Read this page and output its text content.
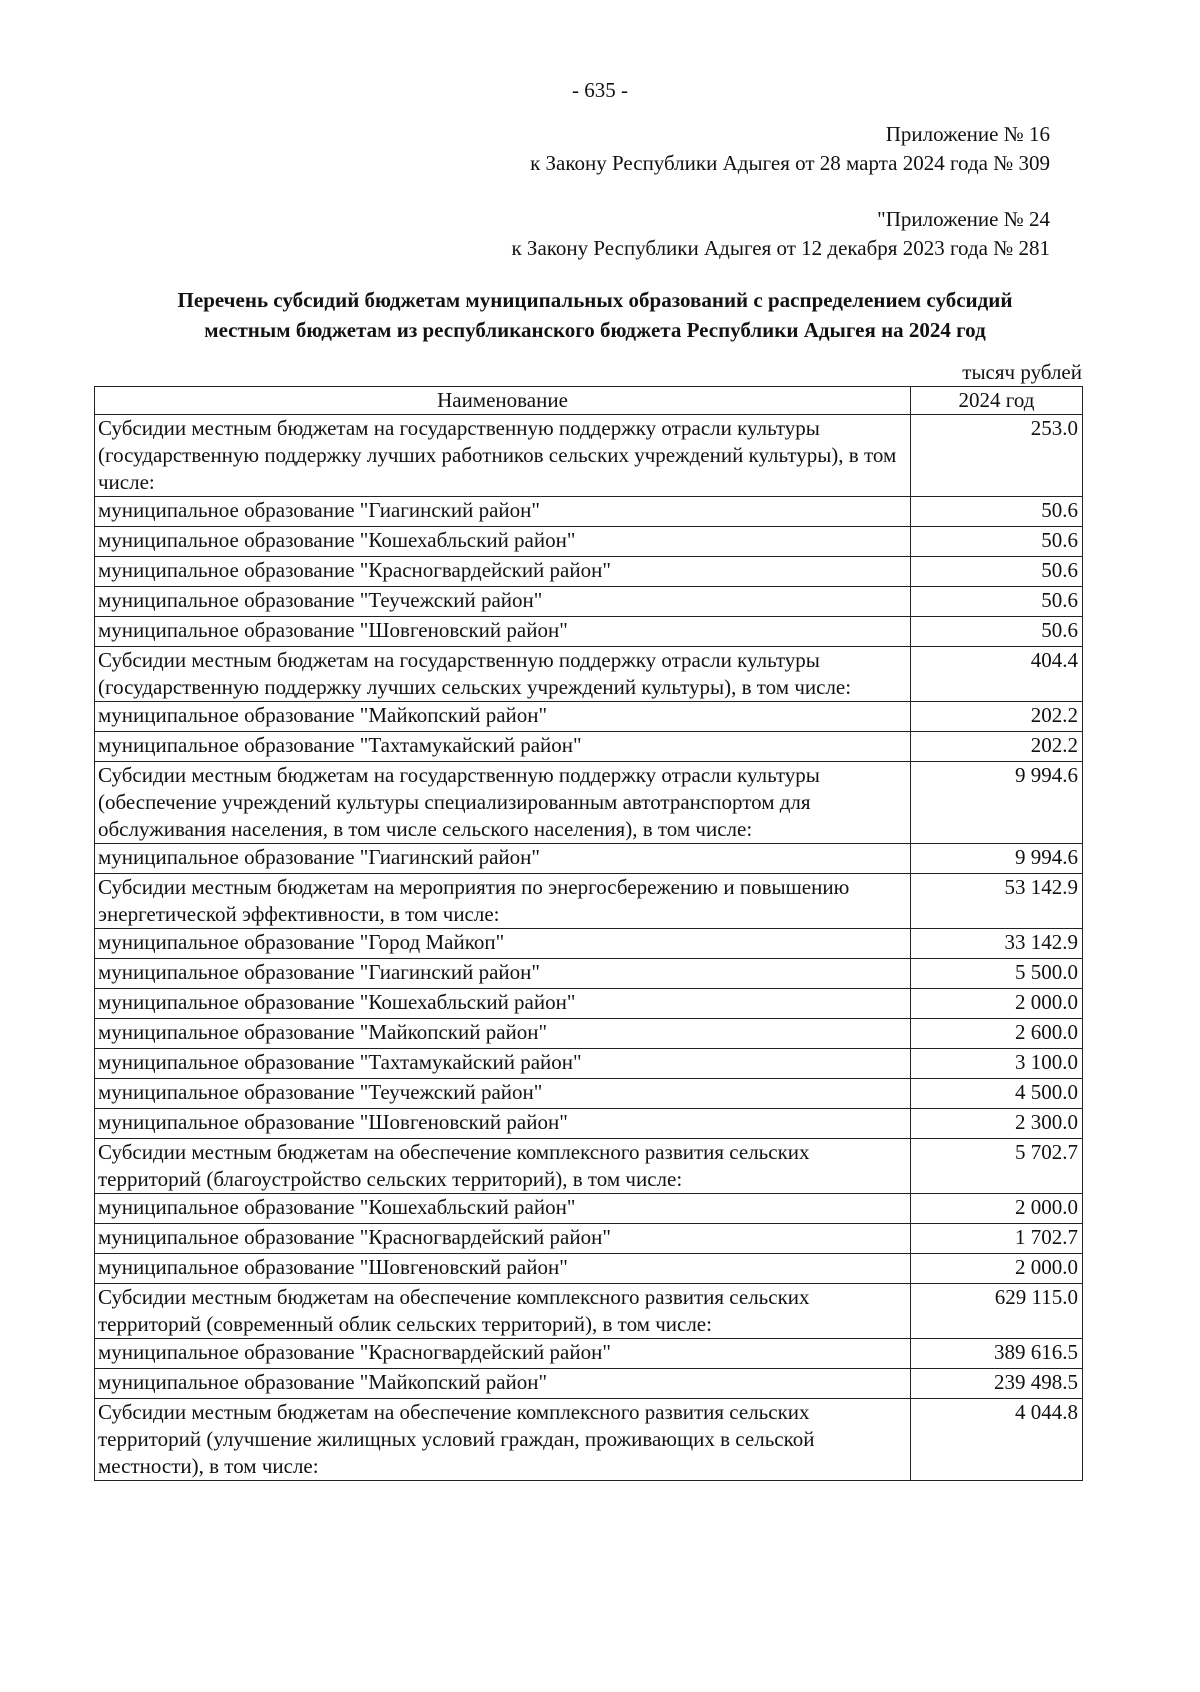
- 635 -
Приложение № 16
к Закону Республики Адыгея от 28 марта 2024 года № 309
"Приложение № 24
к Закону Республики Адыгея от 12 декабря 2023 года № 281
Перечень субсидий бюджетам муниципальных образований с распределением субсидий
местным бюджетам из республиканского бюджета Республики Адыгея на 2024 год
тысяч рублей
Наименование	2024 год
Субсидии местным бюджетам на государственную поддержку отрасли культуры (государственную поддержку лучших работников сельских учреждений культуры), в том числе:	253.0
муниципальное образование "Гиагинский район"	50.6
муниципальное образование "Кошехабльский район"	50.6
муниципальное образование "Красногвардейский район"	50.6
муниципальное образование "Теучежский район"	50.6
муниципальное образование "Шовгеновский район"	50.6
Субсидии местным бюджетам на государственную поддержку отрасли культуры (государственную поддержку лучших сельских учреждений культуры), в том числе:	404.4
муниципальное образование "Майкопский район"	202.2
муниципальное образование "Тахтамукайский район"	202.2
Субсидии местным бюджетам на государственную поддержку отрасли культуры (обеспечение учреждений культуры специализированным автотранспортом для обслуживания населения, в том числе сельского населения), в том числе:	9 994.6
муниципальное образование "Гиагинский район"	9 994.6
Субсидии местным бюджетам на мероприятия по энергосбережению и повышению энергетической эффективности, в том числе:	53 142.9
муниципальное образование "Город Майкоп"	33 142.9
муниципальное образование "Гиагинский район"	5 500.0
муниципальное образование "Кошехабльский район"	2 000.0
муниципальное образование "Майкопский район"	2 600.0
муниципальное образование "Тахтамукайский район"	3 100.0
муниципальное образование "Теучежский район"	4 500.0
муниципальное образование "Шовгеновский район"	2 300.0
Субсидии местным бюджетам на обеспечение комплексного развития сельских территорий (благоустройство сельских территорий), в том числе:	5 702.7
муниципальное образование "Кошехабльский район"	2 000.0
муниципальное образование "Красногвардейский район"	1 702.7
муниципальное образование "Шовгеновский район"	2 000.0
Субсидии местным бюджетам на обеспечение комплексного развития сельских территорий (современный облик сельских территорий), в том числе:	629 115.0
муниципальное образование "Красногвардейский район"	389 616.5
муниципальное образование "Майкопский район"	239 498.5
Субсидии местным бюджетам на обеспечение комплексного развития сельских территорий (улучшение жилищных условий граждан, проживающих в сельской местности), в том числе:	4 044.8
